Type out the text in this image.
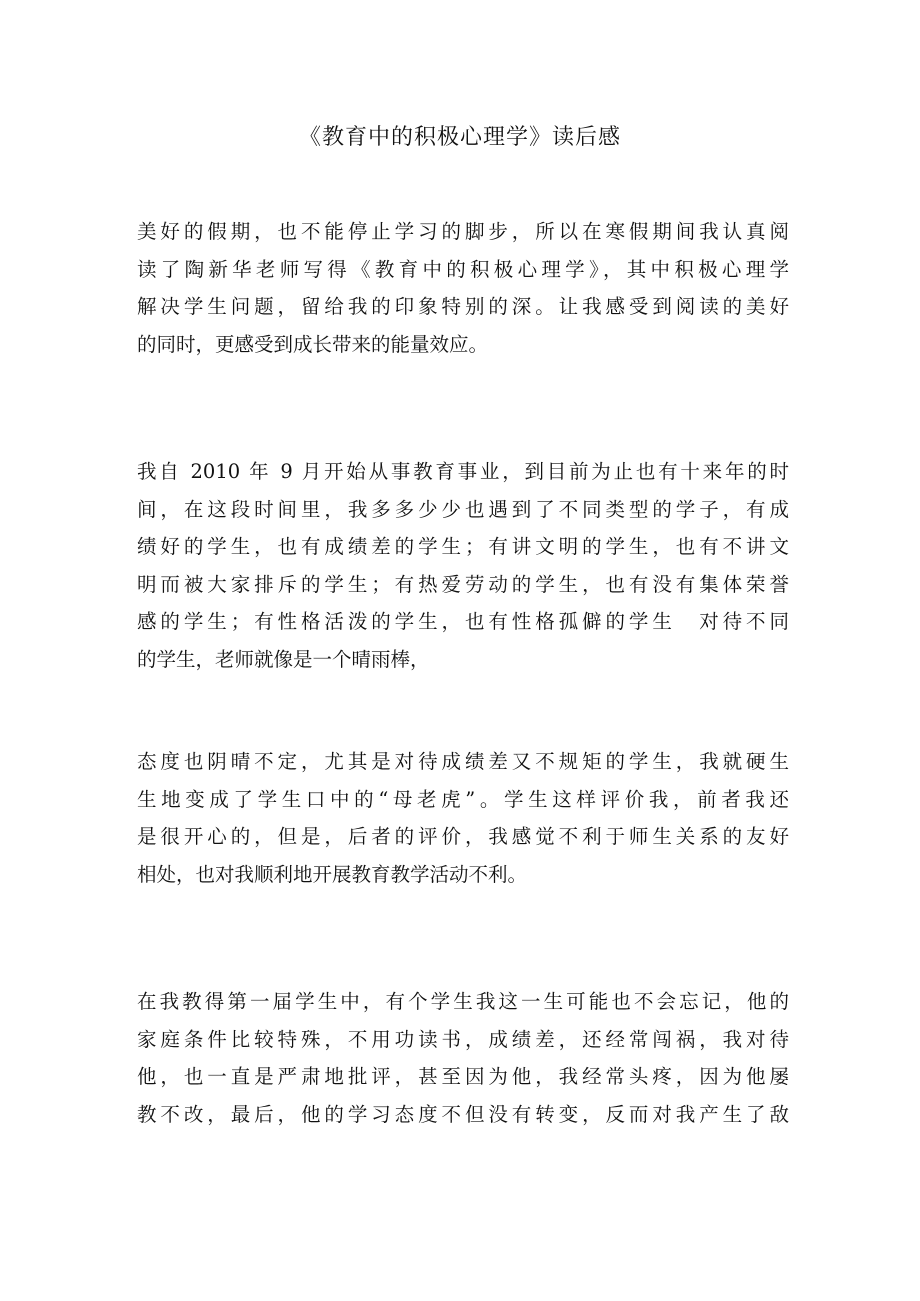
《教育中的积极心理学》读后感
美好的假期，也不能停止学习的脚步，所以在寒假期间我认真阅
读了陶新华老师写得《教育中的积极心理学》，其中积极心理学
解决学生问题，留给我的印象特别的深。让我感受到阅读的美好
的同时，更感受到成长带来的能量效应。
我自 2010 年 9 月开始从事教育事业，到目前为止也有十来年的时
间，在这段时间里，我多多少少也遇到了不同类型的学子，有成
绩好的学生，也有成绩差的学生；有讲文明的学生，也有不讲文
明而被大家排斥的学生；有热爱劳动的学生，也有没有集体荣誉
感的学生；有性格活泼的学生，也有性格孤僻的学生　对待不同
的学生，老师就像是一个晴雨棒，
态度也阴晴不定，尤其是对待成绩差又不规矩的学生，我就硬生
生地变成了学生口中的“母老虎”。学生这样评价我，前者我还
是很开心的，但是，后者的评价，我感觉不利于师生关系的友好
相处，也对我顺利地开展教育教学活动不利。
在我教得第一届学生中，有个学生我这一生可能也不会忘记，他的
家庭条件比较特殊，不用功读书，成绩差，还经常闯祸，我对待
他，也一直是严肃地批评，甚至因为他，我经常头疼，因为他屡
教不改，最后，他的学习态度不但没有转变，反而对我产生了敌
